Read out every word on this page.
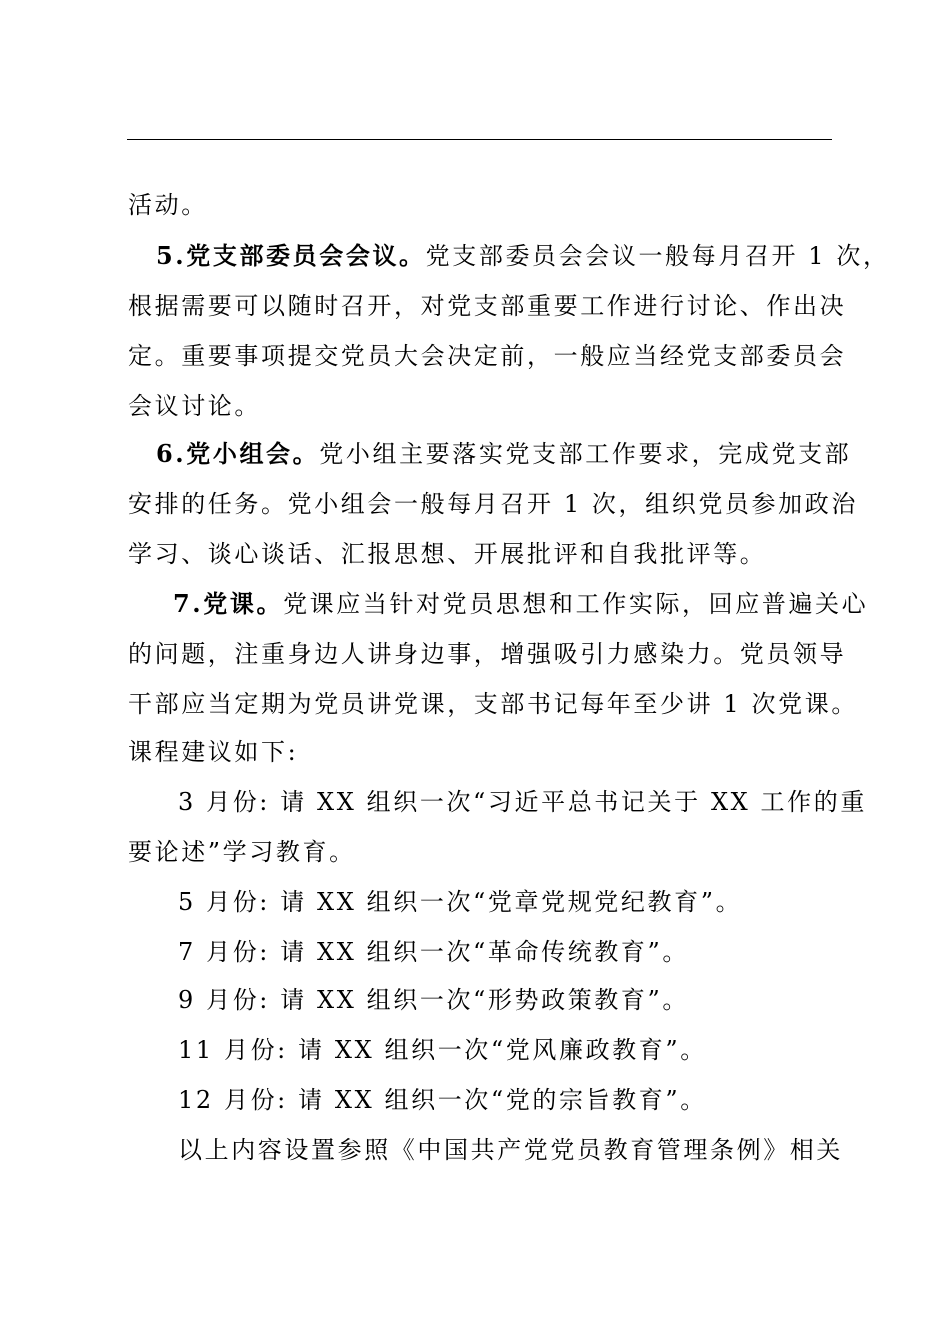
活动。
5.党支部委员会会议。党支部委员会会议一般每月召开 1 次，
根据需要可以随时召开，对党支部重要工作进行讨论、作出决
定。重要事项提交党员大会决定前，一般应当经党支部委员会
会议讨论。
6.党小组会。党小组主要落实党支部工作要求，完成党支部
安排的任务。党小组会一般每月召开 1 次，组织党员参加政治
学习、谈心谈话、汇报思想、开展批评和自我批评等。
7.党课。党课应当针对党员思想和工作实际，回应普遍关心
的问题，注重身边人讲身边事，增强吸引力感染力。党员领导
干部应当定期为党员讲党课，支部书记每年至少讲 1 次党课。
课程建议如下:
3 月份: 请 XX 组织一次“习近平总书记关于 XX 工作的重
要论述”学习教育。
5 月份: 请 XX 组织一次“党章党规党纪教育”。
7 月份: 请 XX 组织一次“革命传统教育”。
9 月份: 请 XX 组织一次“形势政策教育”。
11 月份: 请 XX 组织一次“党风廉政教育”。
12 月份: 请 XX 组织一次“党的宗旨教育”。
以上内容设置参照《中国共产党党员教育管理条例》相关
